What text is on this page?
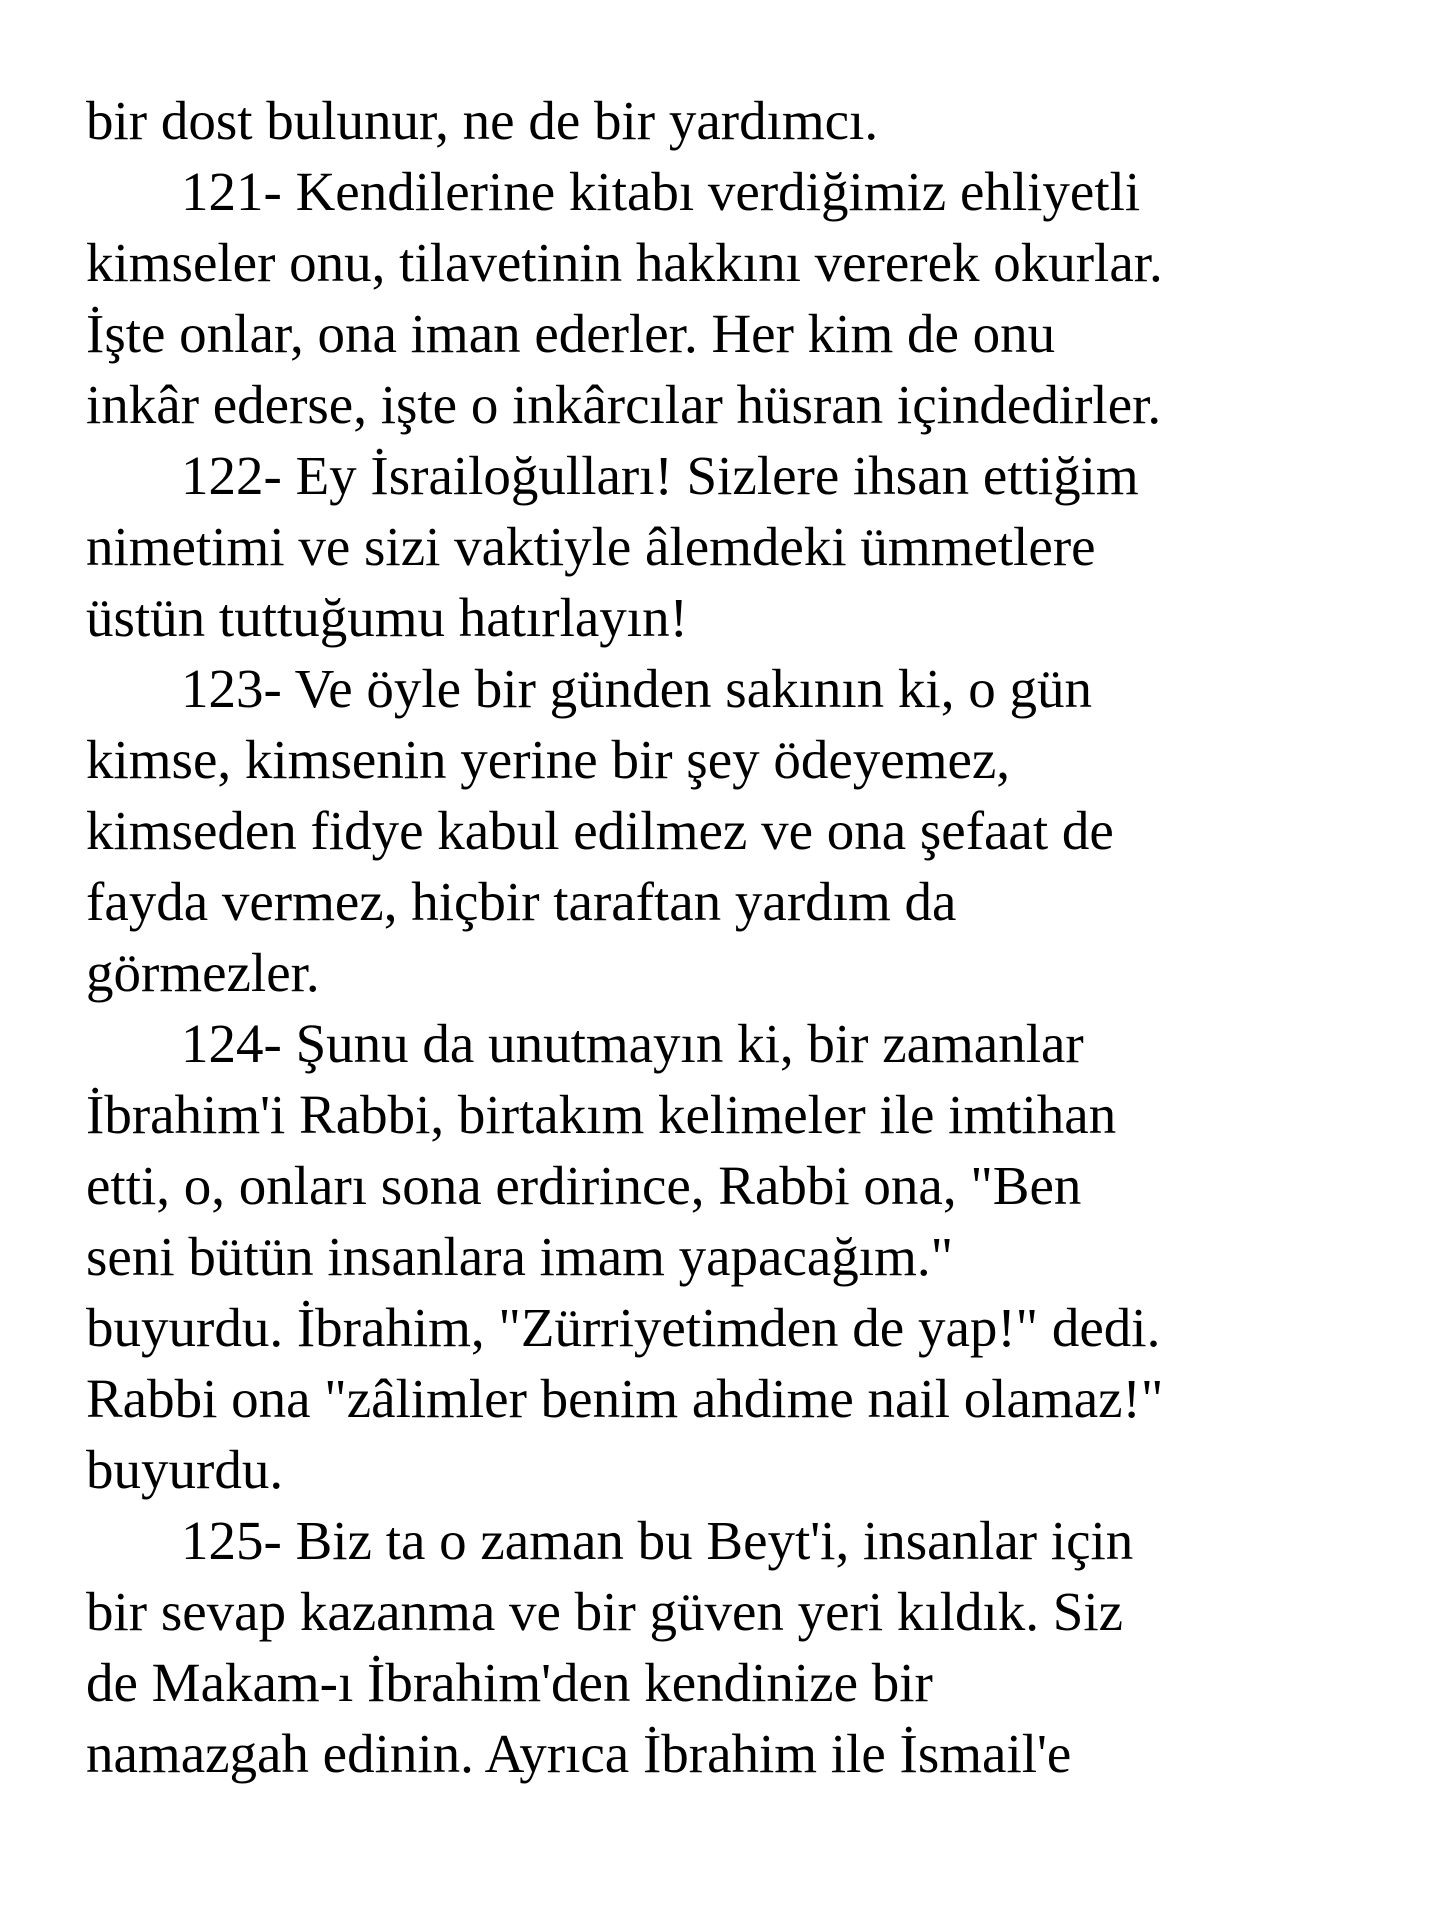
bir dost bulunur, ne de bir yardımcı.

121- Kendilerine kitabı verdiğimiz ehliyetli

kimseler onu, tilavetinin hakkını vererek okurlar.

İşte onlar, ona iman ederler. Her kim de onu

inkâr ederse, işte o inkârcılar hüsran içindedirler.

122- Ey İsrailoğulları! Sizlere ihsan ettiğim

nimetimi ve sizi vaktiyle âlemdeki ümmetlere

üstün tuttuğumu hatırlayın!

123- Ve öyle bir günden sakının ki, o gün

kimse, kimsenin yerine bir şey ödeyemez,

kimseden fidye kabul edilmez ve ona şefaat de

fayda vermez, hiçbir taraftan yardım da

görmezler.

124- Şunu da unutmayın ki, bir zamanlar

İbrahim'i Rabbi, birtakım kelimeler ile imtihan

etti, o, onları sona erdirince, Rabbi ona, "Ben

seni bütün insanlara imam yapacağım."

buyurdu. İbrahim, "Zürriyetimden de yap!" dedi.

Rabbi ona "zâlimler benim ahdime nail olamaz!"

buyurdu.

125- Biz ta o zaman bu Beyt'i, insanlar için

bir sevap kazanma ve bir güven yeri kıldık. Siz

de Makam-ı İbrahim'den kendinize bir

namazgah edinin. Ayrıca İbrahim ile İsmail'e
